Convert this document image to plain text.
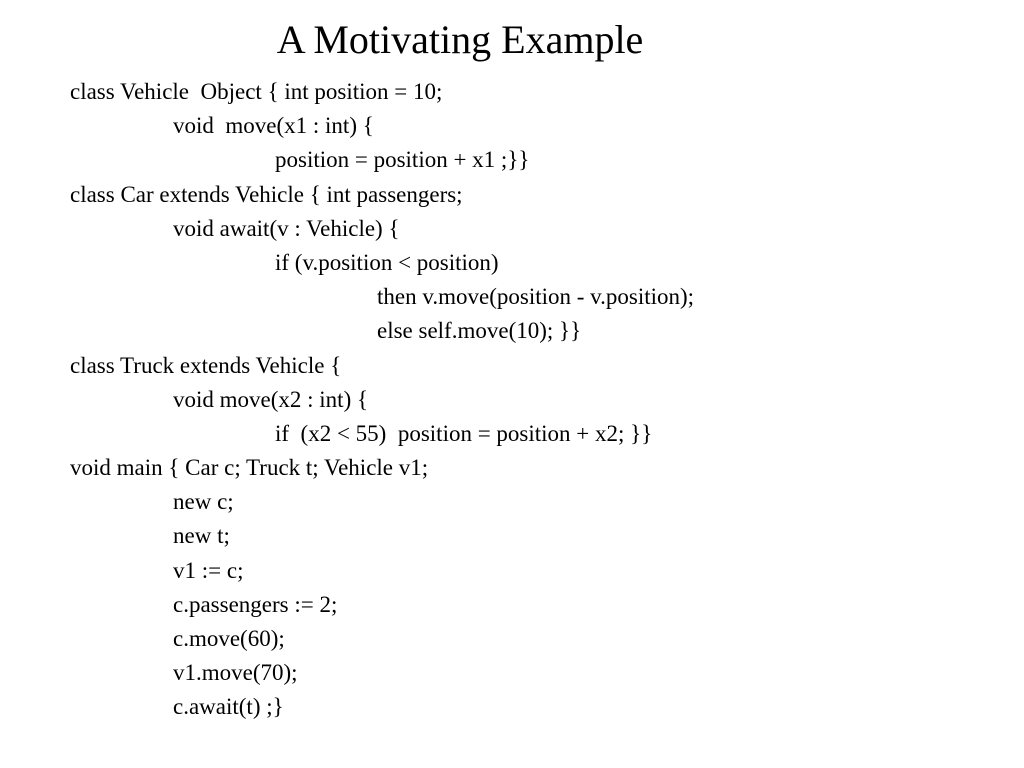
A Motivating Example
class Vehicle  Object { int position = 10;
void  move(x1 : int) {
position = position + x1 ;}}
class Car extends Vehicle { int passengers;
void await(v : Vehicle) {
if (v.position < position)
then v.move(position - v.position);
else self.move(10); }}
class Truck extends Vehicle {
void move(x2 : int) {
if  (x2 < 55)  position = position + x2; }}
void main { Car c; Truck t; Vehicle v1;
new c;
new t;
v1 := c;
c.passengers := 2;
c.move(60);
v1.move(70);
c.await(t) ;}
